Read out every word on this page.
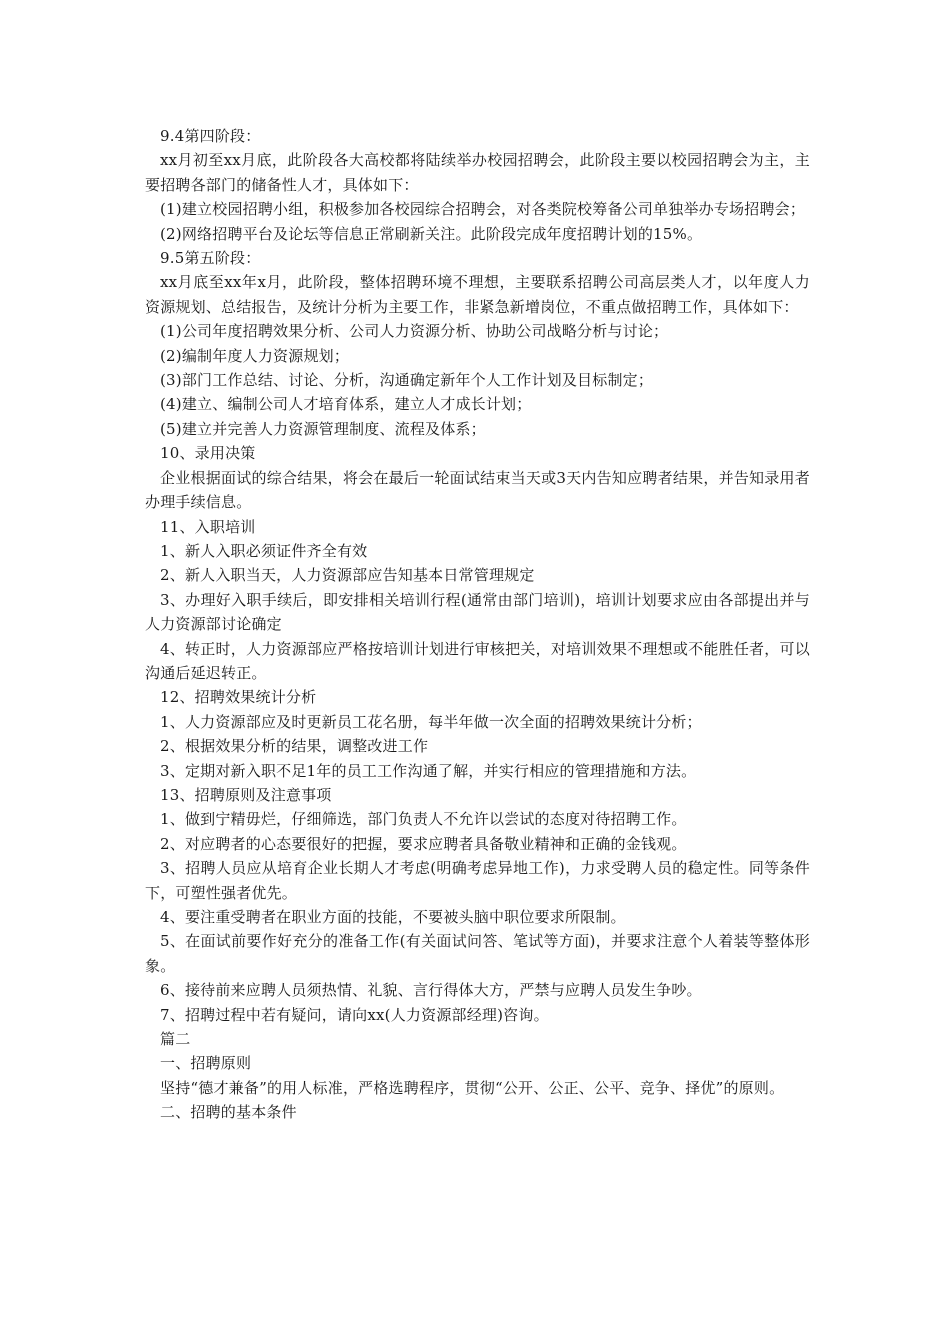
9.4第四阶段：

xx月初至xx月底，此阶段各大高校都将陆续举办校园招聘会，此阶段主要以校园招聘会为主，主要招聘各部门的储备性人才，具体如下：

(1)建立校园招聘小组，积极参加各校园综合招聘会，对各类院校筹备公司单独举办专场招聘会；

(2)网络招聘平台及论坛等信息正常刷新关注。此阶段完成年度招聘计划的15%。

9.5第五阶段：

xx月底至xx年x月，此阶段，整体招聘环境不理想，主要联系招聘公司高层类人才，以年度人力资源规划、总结报告，及统计分析为主要工作，非紧急新增岗位，不重点做招聘工作，具体如下：

(1)公司年度招聘效果分析、公司人力资源分析、协助公司战略分析与讨论；

(2)编制年度人力资源规划；

(3)部门工作总结、讨论、分析，沟通确定新年个人工作计划及目标制定；

(4)建立、编制公司人才培育体系，建立人才成长计划；

(5)建立并完善人力资源管理制度、流程及体系；

10、录用决策

企业根据面试的综合结果，将会在最后一轮面试结束当天或3天内告知应聘者结果，并告知录用者办理手续信息。

11、入职培训

1、新人入职必须证件齐全有效

2、新人入职当天，人力资源部应告知基本日常管理规定

3、办理好入职手续后，即安排相关培训行程(通常由部门培训)，培训计划要求应由各部提出并与人力资源部讨论确定

4、转正时，人力资源部应严格按培训计划进行审核把关，对培训效果不理想或不能胜任者，可以沟通后延迟转正。

12、招聘效果统计分析

1、人力资源部应及时更新员工花名册，每半年做一次全面的招聘效果统计分析；

2、根据效果分析的结果，调整改进工作

3、定期对新入职不足1年的员工工作沟通了解，并实行相应的管理措施和方法。

13、招聘原则及注意事项

1、做到宁精毋烂，仔细筛选，部门负责人不允许以尝试的态度对待招聘工作。

2、对应聘者的心态要很好的把握，要求应聘者具备敬业精神和正确的金钱观。

3、招聘人员应从培育企业长期人才考虑(明确考虑异地工作)，力求受聘人员的稳定性。同等条件下，可塑性强者优先。

4、要注重受聘者在职业方面的技能，不要被头脑中职位要求所限制。

5、在面试前要作好充分的准备工作(有关面试问答、笔试等方面)，并要求注意个人着装等整体形象。

6、接待前来应聘人员须热情、礼貌、言行得体大方，严禁与应聘人员发生争吵。

7、招聘过程中若有疑问，请向xx(人力资源部经理)咨询。

篇二

一、招聘原则

坚持“德才兼备”的用人标准，严格选聘程序，贯彻“公开、公正、公平、竞争、择优”的原则。

二、招聘的基本条件
